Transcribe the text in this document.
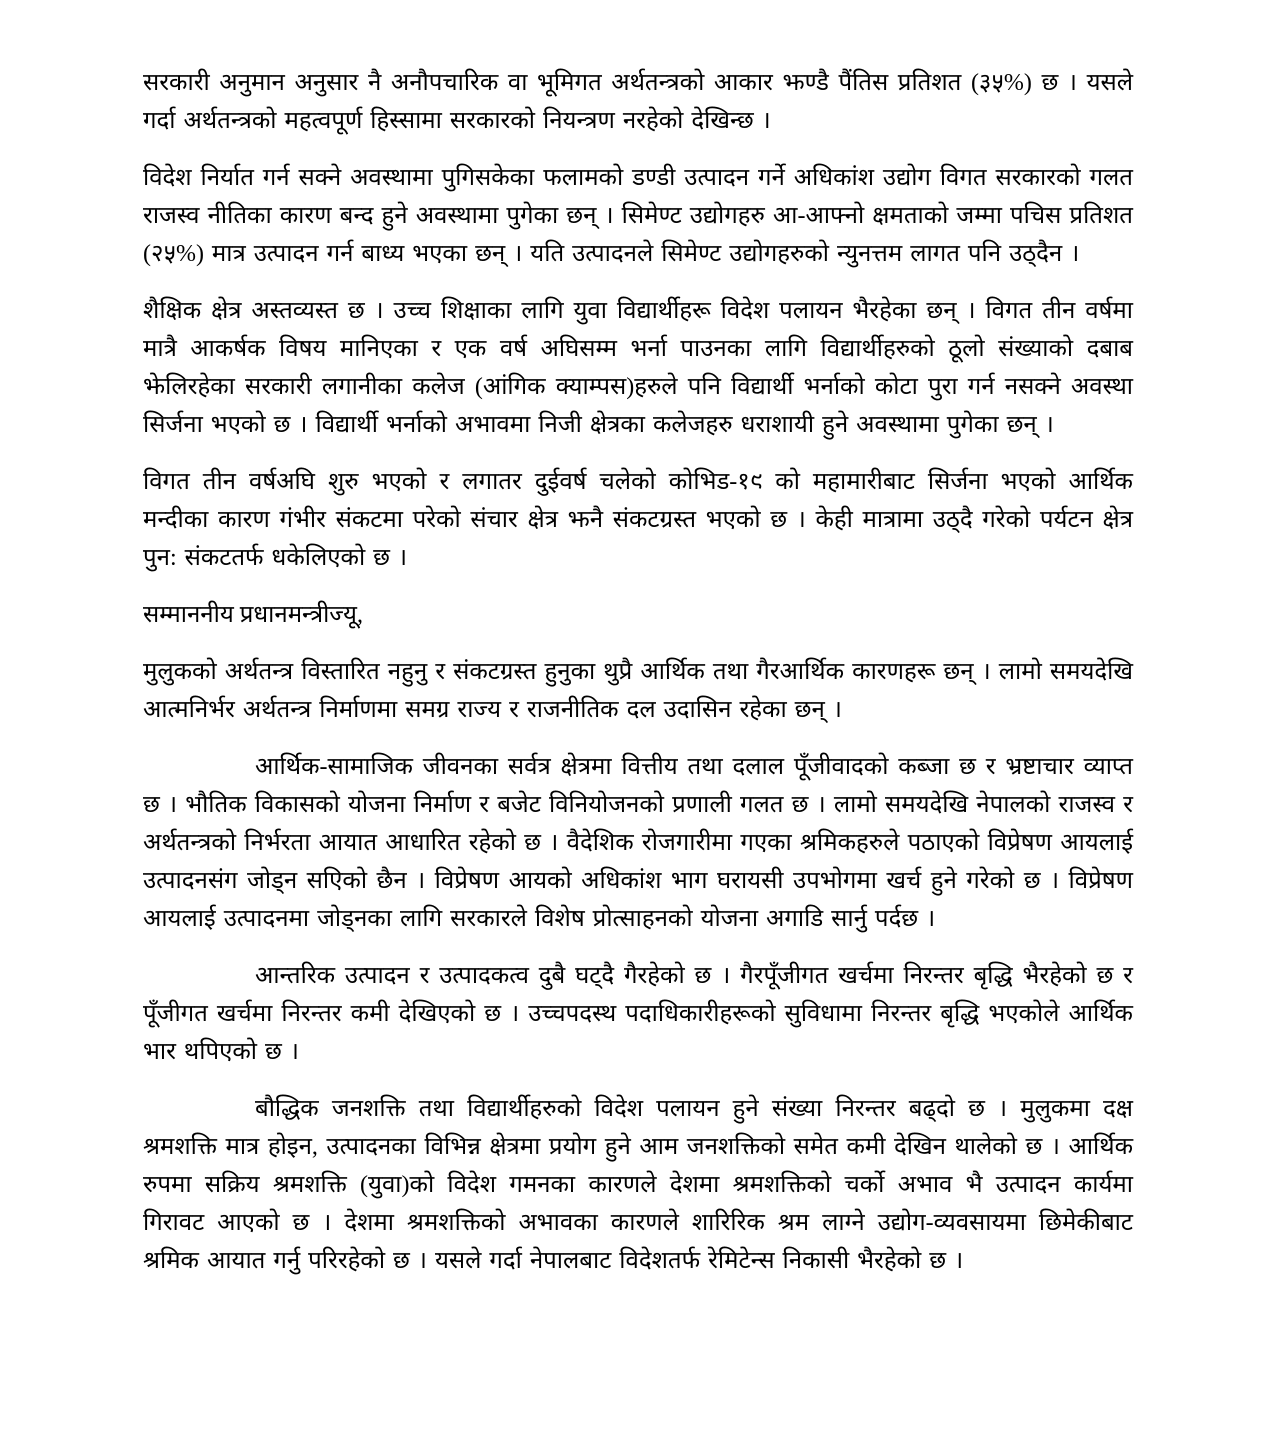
सरकारी अनुमान अनुसार नै अनौपचारिक वा भूमिगत अर्थतन्त्रको आकार झण्डै पैंतिस प्रतिशत (३५%) छ । यसले गर्दा अर्थतन्त्रको महत्वपूर्ण हिस्सामा सरकारको नियन्त्रण नरहेको देखिन्छ ।

विदेश निर्यात गर्न सक्ने अवस्थामा पुगिसकेका फलामको डण्डी उत्पादन गर्ने अधिकांश उद्योग विगत सरकारको गलत राजस्व नीतिका कारण बन्द हुने अवस्थामा पुगेका छन् । सिमेण्ट उद्योगहरु आ-आफ्नो क्षमताको जम्मा पचिस प्रतिशत (२५%) मात्र उत्पादन गर्न बाध्य भएका छन् । यति उत्पादनले सिमेण्ट उद्योगहरुको न्युनत्तम लागत पनि उठ्दैन ।

शैक्षिक क्षेत्र अस्तव्यस्त छ । उच्च शिक्षाका लागि युवा विद्यार्थीहरू विदेश पलायन भैरहेका छन् । विगत तीन वर्षमा मात्रै आकर्षक विषय मानिएका र एक वर्ष अघिसम्म भर्ना पाउनका लागि विद्यार्थीहरुको ठूलो संख्याको दबाब झेलिरहेका सरकारी लगानीका कलेज (आंगिक क्याम्पस)हरुले पनि विद्यार्थी भर्नाको कोटा पुरा गर्न नसक्ने अवस्था सिर्जना भएको छ । विद्यार्थी भर्नाको अभावमा निजी क्षेत्रका कलेजहरु धराशायी हुने अवस्थामा पुगेका छन् ।

विगत तीन वर्षअघि शुरु भएको र लगातर दुईवर्ष चलेको कोभिड-१९ को महामारीबाट सिर्जना भएको आर्थिक मन्दीका कारण गंभीर संकटमा परेको संचार क्षेत्र झनै संकटग्रस्त भएको छ । केही मात्रामा उठ्दै गरेको पर्यटन क्षेत्र पुन: संकटतर्फ धकेलिएको छ ।

सम्माननीय प्रधानमन्त्रीज्यू,

मुलुकको अर्थतन्त्र विस्तारित नहुनु र संकटग्रस्त हुनुका थुप्रै आर्थिक तथा गैरआर्थिक कारणहरू छन् । लामो समयदेखि आत्मनिर्भर अर्थतन्त्र निर्माणमा समग्र राज्य र राजनीतिक दल उदासिन रहेका छन् ।

आर्थिक-सामाजिक जीवनका सर्वत्र क्षेत्रमा वित्तीय तथा दलाल पूँजीवादको कब्जा छ र भ्रष्टाचार व्याप्त छ । भौतिक विकासको योजना निर्माण र बजेट विनियोजनको प्रणाली गलत छ । लामो समयदेखि नेपालको राजस्व र अर्थतन्त्रको निर्भरता आयात आधारित रहेको छ । वैदेशिक रोजगारीमा गएका श्रमिकहरुले पठाएको विप्रेषण आयलाई उत्पादनसंग जोड्न सएिको छैन । विप्रेषण आयको अधिकांश भाग घरायसी उपभोगमा खर्च हुने गरेको छ । विप्रेषण आयलाई उत्पादनमा जोड्नका लागि सरकारले विशेष प्रोत्साहनको योजना अगाडि सार्नु पर्दछ ।

आन्तरिक उत्पादन र उत्पादकत्व दुबै घट्दै गैरहेको छ । गैरपूँजीगत खर्चमा निरन्तर बृद्धि भैरहेको छ र पूँजीगत खर्चमा निरन्तर कमी देखिएको छ । उच्चपदस्थ पदाधिकारीहरूको सुविधामा निरन्तर बृद्धि भएकोले आर्थिक भार थपिएको छ ।

बौद्धिक जनशक्ति तथा विद्यार्थीहरुको विदेश पलायन हुने संख्या निरन्तर बढ्दो छ । मुलुकमा दक्ष श्रमशक्ति मात्र होइन, उत्पादनका विभिन्न क्षेत्रमा प्रयोग हुने आम जनशक्तिको समेत कमी देखिन थालेको छ । आर्थिक रुपमा सक्रिय श्रमशक्ति (युवा)को विदेश गमनका कारणले देशमा श्रमशक्तिको चर्को अभाव भै उत्पादन कार्यमा गिरावट आएको छ । देशमा श्रमशक्तिको अभावका कारणले शारिरिक श्रम लाग्ने उद्योग-व्यवसायमा छिमेकीबाट श्रमिक आयात गर्नु परिरहेको छ । यसले गर्दा नेपालबाट विदेशतर्फ रेमिटेन्स निकासी भैरहेको छ ।
